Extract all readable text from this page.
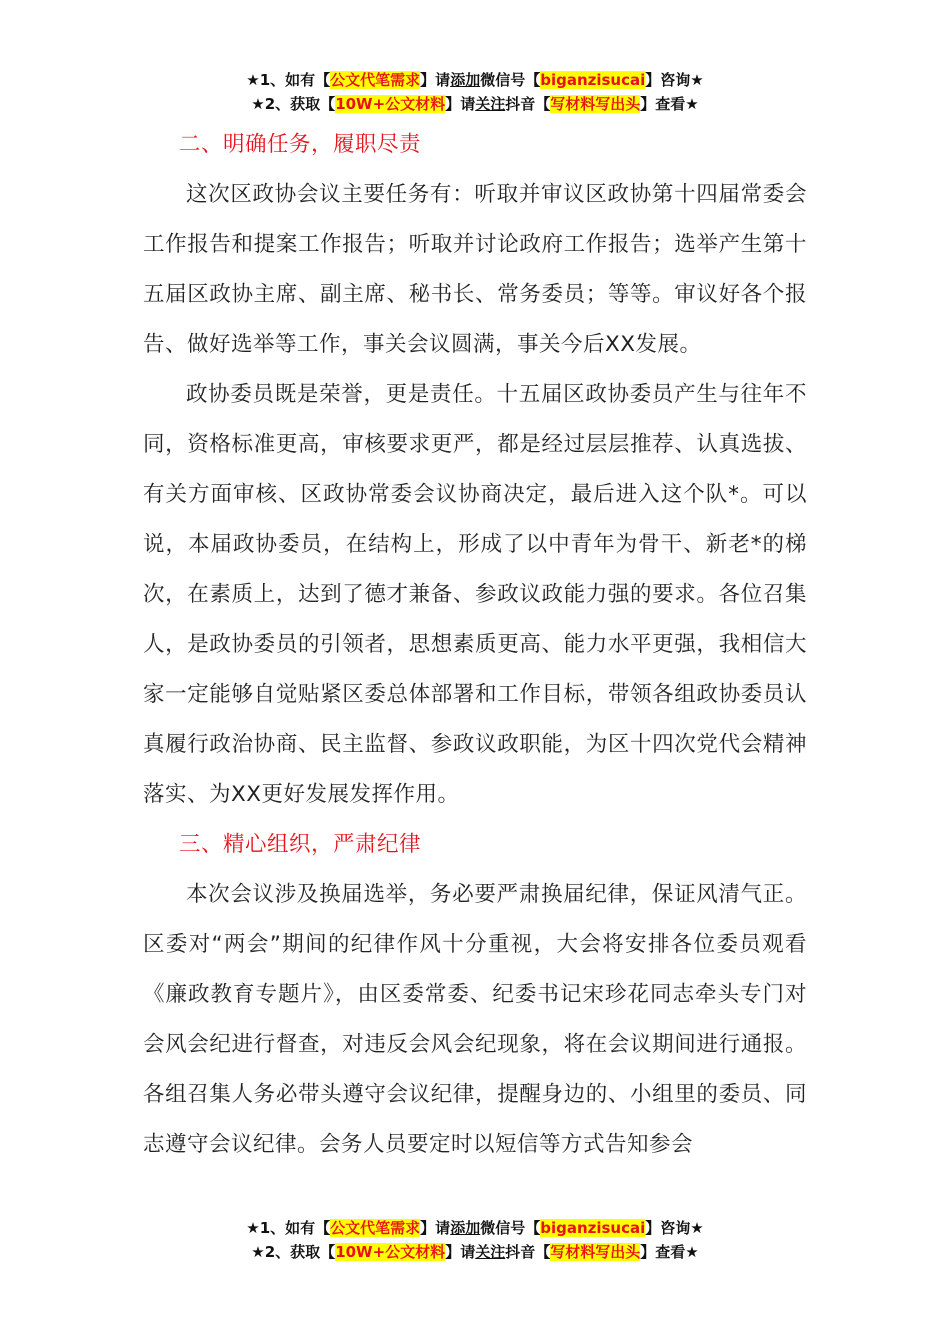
★1、如有【公文代笔需求】请添加微信号【biganzisucai】咨询★
★2、获取【10W+公文材料】请关注抖音【写材料写出头】查看★
二、明确任务，履职尽责

这次区政协会议主要任务有：听取并审议区政协第十四届常委会工作报告和提案工作报告；听取并讨论政府工作报告；选举产生第十五届区政协主席、副主席、秘书长、常务委员；等等。审议好各个报告、做好选举等工作，事关会议圆满，事关今后XX发展。

政协委员既是荣誉，更是责任。十五届区政协委员产生与往年不同，资格标准更高，审核要求更严，都是经过层层推荐、认真选拔、有关方面审核、区政协常委会议协商决定，最后进入这个队*。可以说，本届政协委员，在结构上，形成了以中青年为骨干、新老*的梯次，在素质上，达到了德才兼备、参政议政能力强的要求。各位召集人，是政协委员的引领者，思想素质更高、能力水平更强，我相信大家一定能够自觉贴紧区委总体部署和工作目标，带领各组政协委员认真履行政治协商、民主监督、参政议政职能，为区十四次党代会精神落实、为XX更好发展发挥作用。

三、精心组织，严肃纪律

本次会议涉及换届选举，务必要严肃换届纪律，保证风清气正。区委对“两会”期间的纪律作风十分重视，大会将安排各位委员观看《廉政教育专题片》，由区委常委、纪委书记宋珍花同志牵头专门对会风会纪进行督查，对违反会风会纪现象，将在会议期间进行通报。各组召集人务必带头遵守会议纪律，提醒身边的、小组里的委员、同志遵守会议纪律。会务人员要定时以短信等方式告知参会

★1、如有【公文代笔需求】请添加微信号【biganzisucai】咨询★
★2、获取【10W+公文材料】请关注抖音【写材料写出头】查看★
